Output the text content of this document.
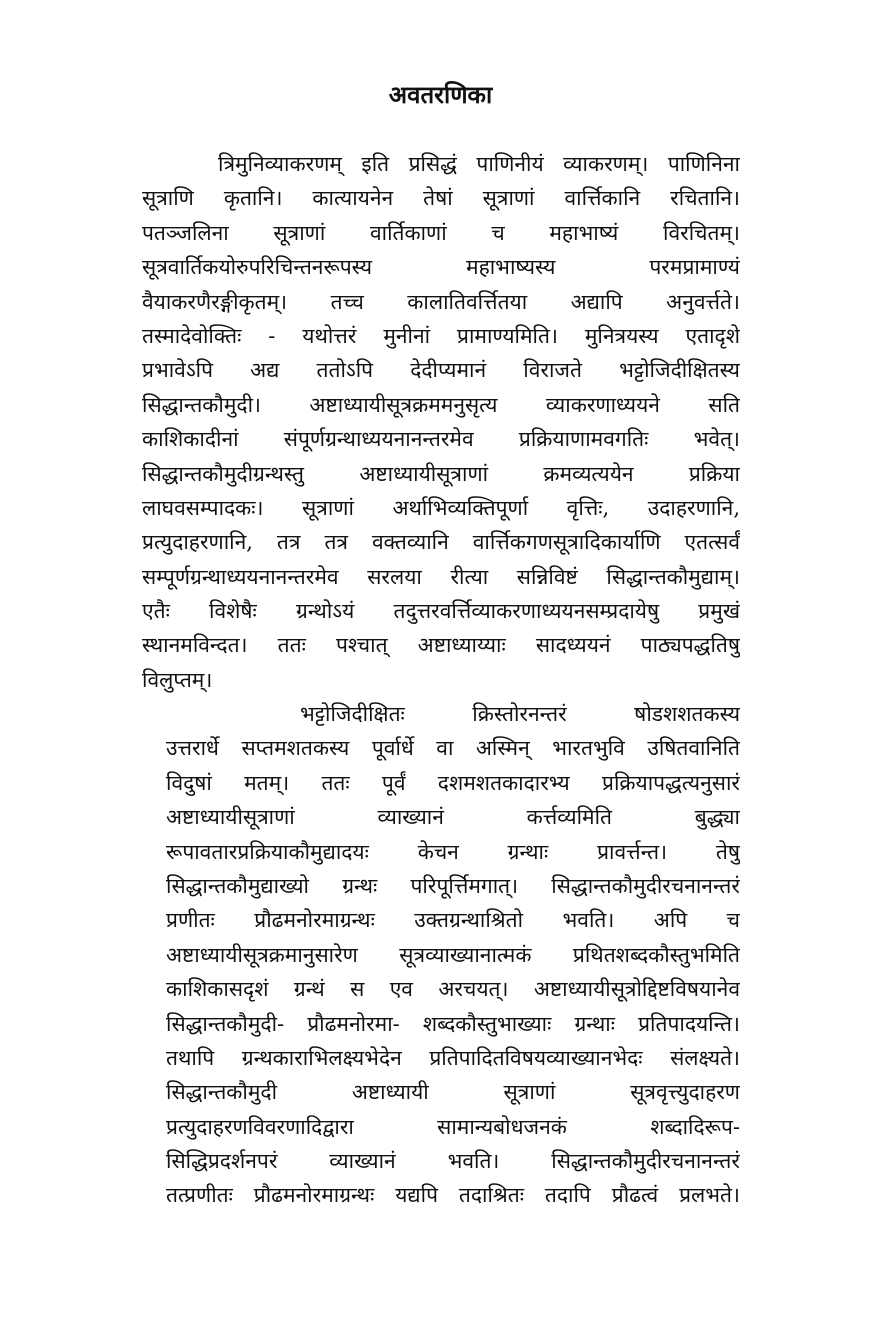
अवतरणिका
त्रिमुनिव्याकरणम् इति प्रसिद्धं पाणिनीयं व्याकरणम्। पाणिनिना
सूत्राणि कृतानि। कात्यायनेन तेषां सूत्राणां वार्त्तिकानि रचितानि।
पतञ्जलिना सूत्राणां वार्तिकाणां च महाभाष्यं विरचितम्।
सूत्रवार्तिकयोरुपरिचिन्तनरूपस्य महाभाष्यस्य परमप्रामाण्यं
वैयाकरणैरङ्गीकृतम्। तच्च कालातिवर्त्तितया अद्यापि अनुवर्त्तते।
तस्मादेवोक्तिः - यथोत्तरं मुनीनां प्रामाण्यमिति। मुनित्रयस्य एतादृशे
प्रभावेऽपि अद्य ततोऽपि देदीप्यमानं विराजते भट्टोजिदीक्षितस्य
सिद्धान्तकौमुदी। अष्टाध्यायीसूत्रक्रममनुसृत्य व्याकरणाध्ययने सति
काशिकादीनां संपूर्णग्रन्थाध्ययनानन्तरमेव प्रक्रियाणामवगतिः भवेत्।
सिद्धान्तकौमुदीग्रन्थस्तु अष्टाध्यायीसूत्राणां क्रमव्यत्ययेन प्रक्रिया
लाघवसम्पादकः। सूत्राणां अर्थाभिव्यक्तिपूर्णा वृत्तिः, उदाहरणानि,
प्रत्युदाहरणानि, तत्र तत्र वक्तव्यानि वार्त्तिकगणसूत्रादिकार्याणि एतत्सर्वं
सम्पूर्णग्रन्थाध्ययनानन्तरमेव सरलया रीत्या सन्निविष्टं सिद्धान्तकौमुद्याम्।
एतैः विशेषैः ग्रन्थोऽयं तदुत्तरवर्त्तिव्याकरणाध्ययनसम्प्रदायेषु प्रमुखं
स्थानमविन्दत। ततः पश्चात् अष्टाध्याय्याः सादध्ययनं पाठ्यपद्धतिषु
विलुप्तम्।
भट्टोजिदीक्षितः क्रिस्तोरनन्तरं षोडशशतकस्य
उत्तरार्धे सप्तमशतकस्य पूर्वार्धे वा अस्मिन् भारतभुवि उषितवानिति
विदुषां मतम्। ततः पूर्वं दशमशतकादारभ्य प्रक्रियापद्धत्यनुसारं
अष्टाध्यायीसूत्राणां व्याख्यानं कर्त्तव्यमिति बुद्ध्या
रूपावतारप्रक्रियाकौमुद्यादयः केचन ग्रन्थाः प्रावर्त्तन्त। तेषु
सिद्धान्तकौमुद्याख्यो ग्रन्थः परिपूर्त्तिमगात्। सिद्धान्तकौमुदीरचनानन्तरं
प्रणीतः प्रौढमनोरमाग्रन्थः उक्तग्रन्थाश्रितो भवति। अपि च
अष्टाध्यायीसूत्रक्रमानुसारेण सूत्रव्याख्यानात्मकं प्रथितशब्दकौस्तुभमिति
काशिकासदृशं ग्रन्थं स एव अरचयत्। अष्टाध्यायीसूत्रोद्दिष्टविषयानेव
सिद्धान्तकौमुदी- प्रौढमनोरमा- शब्दकौस्तुभाख्याः ग्रन्थाः प्रतिपादयन्ति।
तथापि ग्रन्थकाराभिलक्ष्यभेदेन प्रतिपादितविषयव्याख्यानभेदः संलक्ष्यते।
सिद्धान्तकौमुदी अष्टाध्यायी सूत्राणां सूत्रवृत्त्युदाहरण
प्रत्युदाहरणविवरणादिद्वारा सामान्यबोधजनकं शब्दादिरूप-
सिद्धिप्रदर्शनपरं व्याख्यानं भवति। सिद्धान्तकौमुदीरचनानन्तरं
तत्प्रणीतः प्रौढमनोरमाग्रन्थः यद्यपि तदाश्रितः तदापि प्रौढत्वं प्रलभते।
